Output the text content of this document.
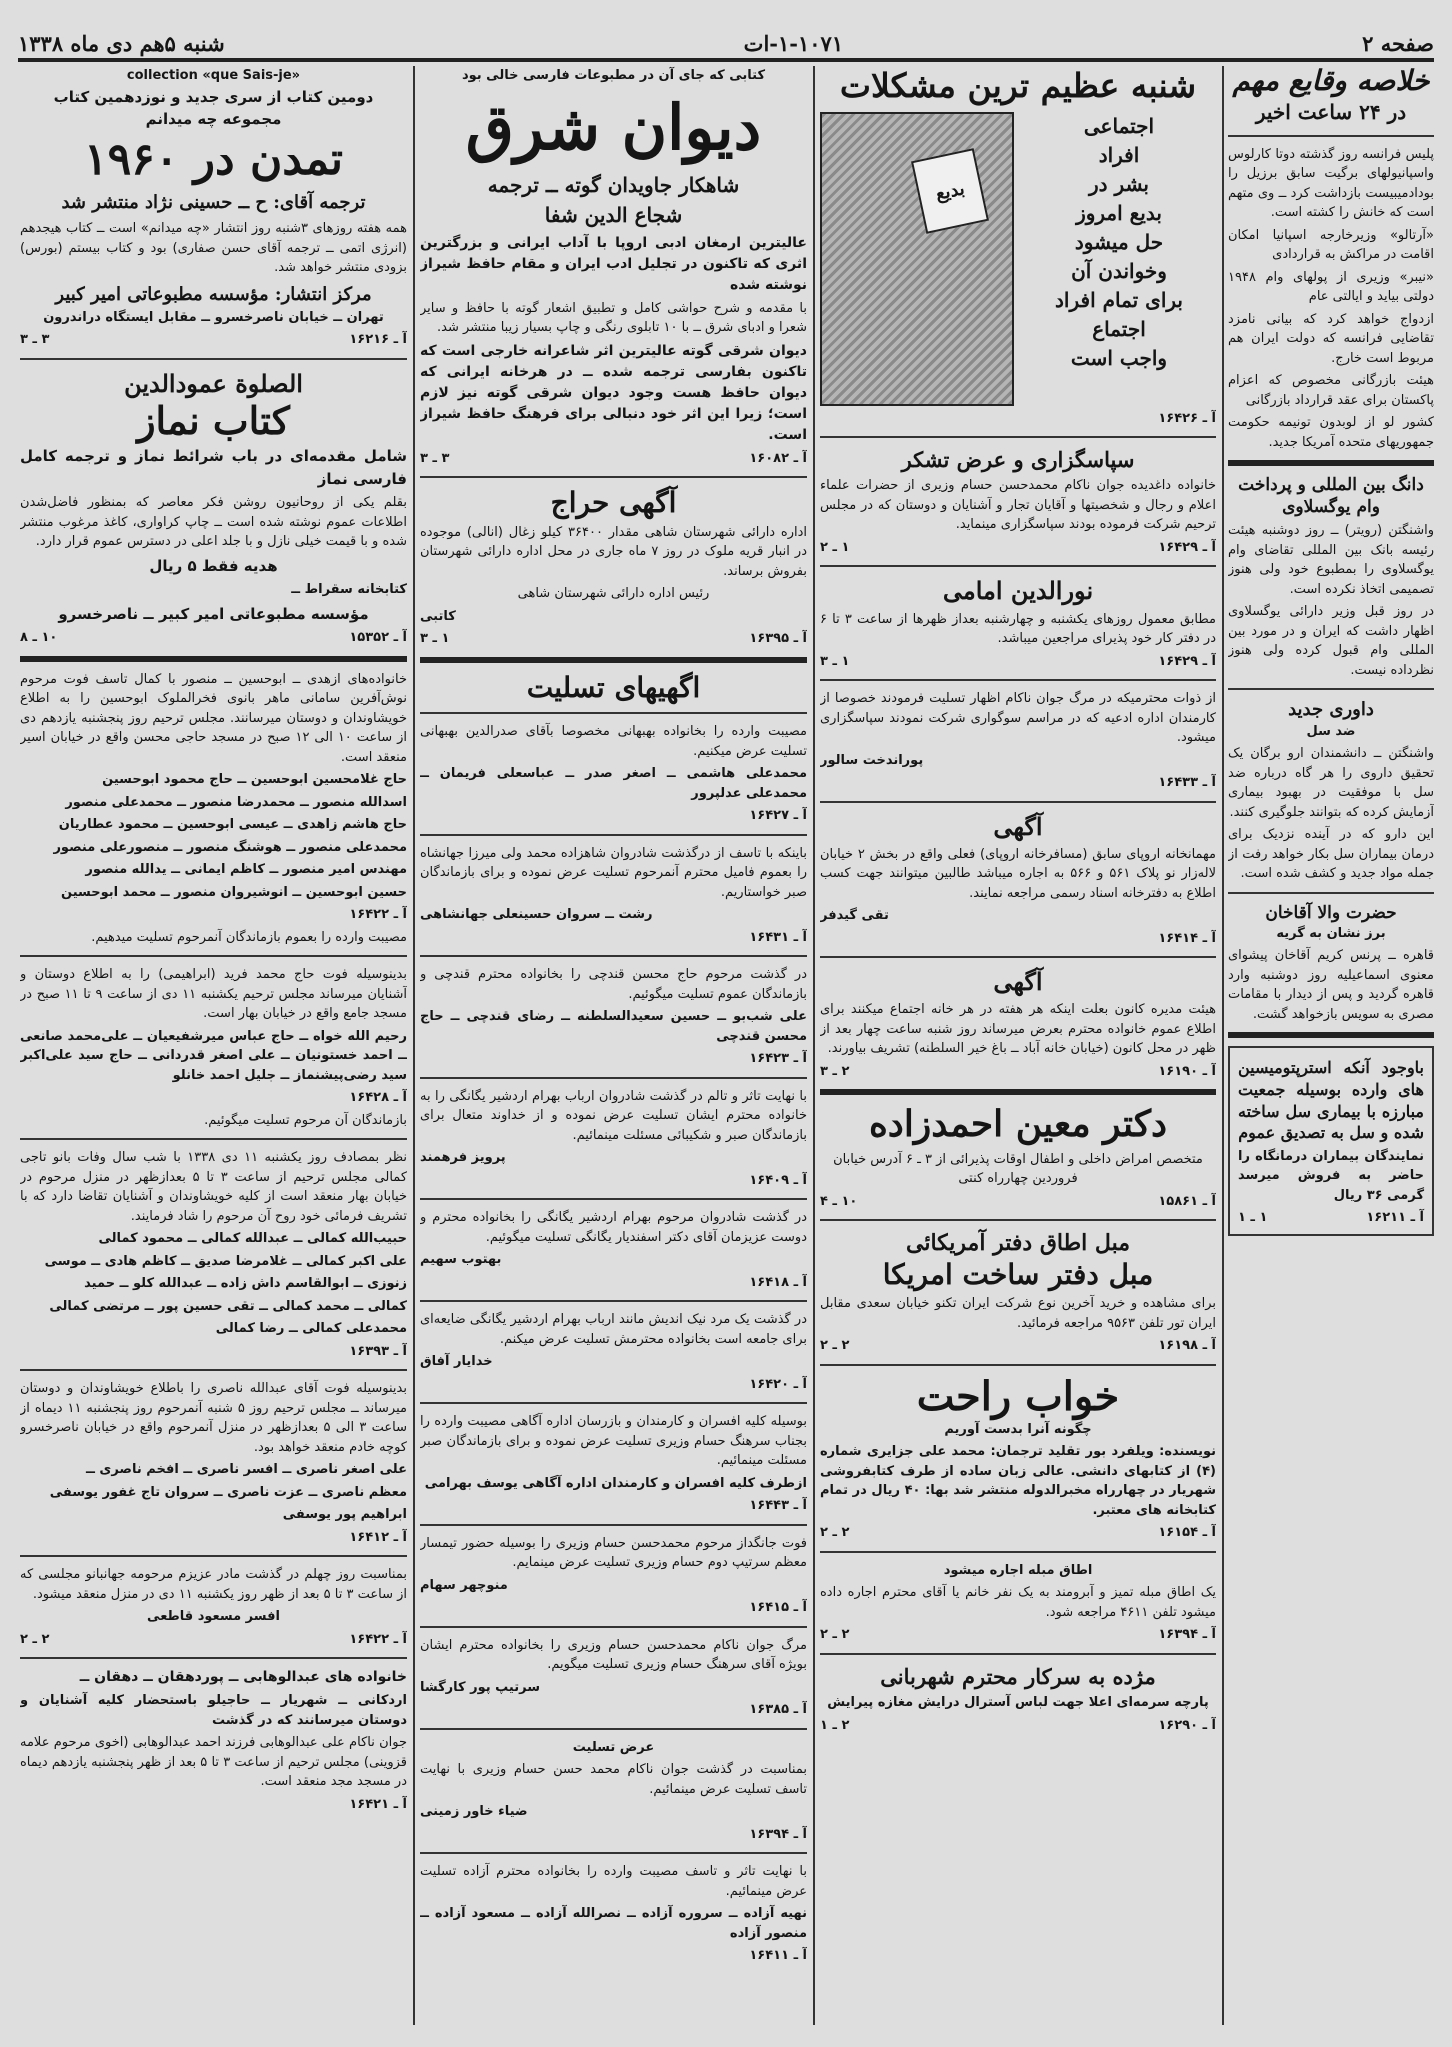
صفحه ۲
۱-۱۰۷۱-ات
شنبه ۵هم دی ماه ۱۳۳۸
خلاصه وقایع مهم
در ۲۴ ساعت اخیر

پلیس فرانسه روز گذشته دوتا کارلوس واسپانیولهای برگیت سابق برزیل را بودادمیبیست بازداشت کرد ــ وی متهم است که خانش را کشته است.

«آرتالو» وزیرخارجه اسپانیا امکان اقامت در مراکش به قراردادی

«نیبر» وزیری از پولهای وام ۱۹۴۸ دولتی بیاید و ایالتی عام

ازدواج خواهد کرد که بیانی نامزد تقاضایی فرانسه که دولت ایران هم مربوط است خارج.

هیئت بازرگانی مخصوص که اعزام پاکستان برای عقد قرارداد بازرگانی

کشور لو از لوبدون تونیمه حکومت جمهوریهای متحده آمریکا جدید.

دانگ بین المللی و پرداخت وام یوگسلاوی

واشنگتن (رویتر) ــ روز دوشنبه هیئت رئیسه بانک بین المللی تقاضای وام یوگسلاوی را بمطبوع خود ولی هنوز تصمیمی اتخاذ نکرده است.

در روز قبل وزیر دارائی یوگسلاوی اظهار داشت که ایران و در مورد بین المللی وام قبول کرده ولی هنوز نظرداده نیست.

داوری جدید
ضد سل

واشنگتن ــ دانشمندان ارو برگان یک تحقیق داروی را هر گاه درباره ضد سل با موفقیت در بهبود بیماری آزمایش کرده که بتوانند جلوگیری کنند.

این دارو که در آینده نزدیک برای درمان بیماران سل بکار خواهد رفت از جمله مواد جدید و کشف شده است.

حضرت والا آقاخان
برز نشان به گریه

قاهره ــ پرنس کریم آقاخان پیشوای معنوی اسماعیلیه روز دوشنبه وارد قاهره گردید و پس از دیدار با مقامات مصری به سویس بازخواهد گشت.

باوجود آنکه استرپتومیسین های وارده بوسیله جمعیت مبارزه با بیماری سل ساخته شده و سل به تصدیق عموم

نمایندگان بیماران درمانگاه را حاضر به فروش میرسد گرمی ۳۶ ریال

آ ـ ۱۶۲۱۱
۱ ـ ۱
شنبه عظیم ترین مشکلات
اجتماعی
افراد
بشر در
بدیع امروز
حل میشود
وخواندن آن
برای تمام افراد
اجتماع
واجب است
بدیع
آ ـ ۱۶۴۲۶
سپاسگزاری و عرض تشکر

خانواده داغدیده جوان ناکام محمدحسن حسام وزیری از حضرات علماء اعلام و رجال و شخصیتها و آقایان تجار و آشنایان و دوستان که در مجلس ترحیم شرکت فرموده بودند سپاسگزاری مینماید.

آ ـ ۱۶۴۲۹
۱ ـ ۲
نورالدین امامی

مطابق معمول روزهای یکشنبه و چهارشنبه بعداز ظهرها از ساعت ۳ تا ۶ در دفتر کار خود پذیرای مراجعین میباشد.

آ ـ ۱۶۴۲۹
۱ ـ ۳

از ذوات محترمیکه در مرگ جوان ناکام اظهار تسلیت فرمودند خصوصا از کارمندان اداره ادعیه که در مراسم سوگواری شرکت نمودند سپاسگزاری میشود.

پوراندخت سالور

آ ـ ۱۶۴۳۳
آگهی

مهمانخانه اروپای سابق (مسافرخانه اروپای) فعلی واقع در بخش ۲ خیابان لاله‌زار نو پلاک ۵۶۱ و ۵۶۶ به اجاره میباشد طالبین میتوانند جهت کسب اطلاع به دفترخانه اسناد رسمی مراجعه نمایند.

تقی گیدفر

آ ـ ۱۶۴۱۴
آگهی

هیئت مدیره کانون بعلت اینکه هر هفته در هر خانه اجتماع میکنند برای اطلاع عموم خانواده محترم بعرض میرساند روز شنبه ساعت چهار بعد از ظهر در محل کانون (خیابان خانه آباد ــ باغ خیر السلطنه) تشریف بیاورند.

آ ـ ۱۶۱۹۰
۲ ـ ۳
دکتر معین احمدزاده

متخصص امراض داخلی و اطفال اوقات پذیرائی از ۳ ـ ۶ آدرس خیابان فروردین چهارراه کنتی

آ ـ ۱۵۸۶۱
۱۰ ـ ۴
مبل اطاق دفتر آمریکائی
مبل دفتر ساخت امریکا

برای مشاهده و خرید آخرین نوع شرکت ایران تکنو خیابان سعدی مقابل ایران تور تلفن ۹۵۶۳ مراجعه فرمائید.

آ ـ ۱۶۱۹۸
۲ ـ ۲
خواب راحت
چگونه آنرا بدست آوریم

نویسنده: ویلفرد بور تقلید ترجمان: محمد علی جزایری شماره (۴) از کتابهای دانشی. عالی زبان ساده از طرف کتابفروشی شهریار در چهارراه مخبرالدوله منتشر شد بها: ۴۰ ریال در تمام کتابخانه های معتبر.

آ ـ ۱۶۱۵۴
۲ ـ ۲
اطاق مبله اجاره میشود

یک اطاق مبله تمیز و آبرومند به یک نفر خانم یا آقای محترم اجاره داده میشود تلفن ۴۶۱۱ مراجعه شود.

آ ـ ۱۶۳۹۴
۲ ـ ۲
مژده به سرکار محترم شهربانی

پارچه سرمه‌ای اعلا جهت لباس آسترال درایش مغازه پیرایش

آ ـ ۱۶۲۹۰
۲ ـ ۱
کتابی که جای آن در مطبوعات فارسی خالی بود
دیوان شرق
شاهکار جاویدان گوته ــ ترجمه
شجاع الدین شفا

عالیترین ارمغان ادبی اروپا با آداب ایرانی و بزرگترین اثری که تاکنون در تجلیل ادب ایران و مقام حافظ شیراز نوشته شده

با مقدمه و شرح حواشی کامل و تطبیق اشعار گوته با حافظ و سایر شعرا و ادبای شرق ــ با ۱۰ تابلوی رنگی و چاپ بسیار زیبا منتشر شد.

دیوان شرقی گوته عالیترین اثر شاعرانه خارجی است که تاکنون بفارسی ترجمه شده ــ در هرخانه ایرانی که دیوان حافظ هست وجود دیوان شرقی گوته نیز لازم است؛ زیرا این اثر خود دنبالی برای فرهنگ حافظ شیراز است.

آ ـ ۱۶۰۸۲
۳ ـ ۳
آگهی حراج

اداره دارائی شهرستان شاهی مقدار ۳۶۴۰۰ کیلو زغال (انالی) موجوده در انبار قریه ملوک در روز ۷ ماه جاری در محل اداره دارائی شهرستان بفروش برساند.

رئیس اداره دارائی شهرستان شاهی

کاتبی

آ ـ ۱۶۳۹۵
۱ ـ ۳
اگهیهای تسلیت

مصیبت وارده را بخانواده بهبهانی مخصوصا بآقای صدرالدین بهبهانی تسلیت عرض میکنیم.

محمدعلی هاشمی ــ اصغر صدر ــ عباسعلی فریمان ــ محمدعلی عدلپرور

آ ـ ۱۶۴۲۷

باینکه با تاسف از درگذشت شادروان شاهزاده محمد ولی میرزا جهانشاه را بعموم فامیل محترم آنمرحوم تسلیت عرض نموده و برای بازماندگان صبر خواستاریم.

رشت ــ سروان حسینعلی جهانشاهی

آ ـ ۱۶۴۳۱

در گذشت مرحوم حاج محسن قندچی را بخانواده محترم قندچی و بازماندگان عموم تسلیت میگوئیم.

علی شب‌بو ــ حسین سعیدالسلطنه ــ رضای قندچی ــ حاج محسن قندچی

آ ـ ۱۶۴۲۳

با نهایت تاثر و تالم در گذشت شادروان ارباب بهرام اردشیر یگانگی را به خانواده محترم ایشان تسلیت عرض نموده و از خداوند متعال برای بازماندگان صبر و شکیبائی مسئلت مینمائیم.

پرویز فرهمند

آ ـ ۱۶۴۰۹

در گذشت شادروان مرحوم بهرام اردشیر یگانگی را بخانواده محترم و دوست عزیزمان آقای دکتر اسفندیار یگانگی تسلیت میگوئیم.

بهتوب سهیم

آ ـ ۱۶۴۱۸

در گذشت یک مرد نیک اندیش مانند ارباب بهرام اردشیر یگانگی ضایعه‌ای برای جامعه است بخانواده محترمش تسلیت عرض میکنم.

خدایار آفاق

آ ـ ۱۶۴۲۰

بوسیله کلیه افسران و کارمندان و بازرسان اداره آگاهی مصیبت وارده را بجناب سرهنگ حسام وزیری تسلیت عرض نموده و برای بازماندگان صبر مسئلت مینمائیم.

ازطرف کلیه افسران و کارمندان اداره آگاهی یوسف بهرامی

آ ـ ۱۶۴۴۳

فوت جانگداز مرحوم محمدحسن حسام وزیری را بوسیله حضور تیمسار معظم سرتیپ دوم حسام وزیری تسلیت عرض مینمایم.

منوچهر سهام

آ ـ ۱۶۴۱۵

مرگ جوان ناکام محمدحسن حسام وزیری را بخانواده محترم ایشان بویژه آقای سرهنگ حسام وزیری تسلیت میگویم.

سرتیپ پور کارگشا

آ ـ ۱۶۳۸۵
عرض تسلیت

بمناسبت در گذشت جوان ناکام محمد حسن حسام وزیری با نهایت تاسف تسلیت عرض مینمائیم.

ضیاء خاور زمینی

آ ـ ۱۶۳۹۴

با نهایت تاثر و تاسف مصیبت وارده را بخانواده محترم آزاده تسلیت عرض مینمائیم.

نهیه آزاده ــ سروره آزاده ــ نصرالله آزاده ــ مسعود آزاده ــ منصور آزاده

آ ـ ۱۶۴۱۱
collection «que Sais-je»
دومین کتاب از سری جدید و نوزدهمین کتاب
مجموعه چه میدانم
تمدن در ۱۹۶۰
ترجمه آقای: ح ــ حسینی نژاد منتشر شد

همه هفته روزهای ۳شنبه روز انتشار «چه میدانم» است ــ کتاب هیجدهم (انرژی اتمی ــ ترجمه آقای حسن صفاری) بود و کتاب بیستم (بورس) بزودی منتشر خواهد شد.

مرکز انتشار: مؤسسه مطبوعاتی امیر کبیر
تهران ــ خیابان ناصرخسرو ــ مقابل ایستگاه دراندرون
آ ـ ۱۶۲۱۶
۳ ـ ۳
الصلوة عمودالدین
کتاب نماز

شامل مقدمه‌ای در باب شرائط نماز و ترجمه کامل فارسی نماز

بقلم یکی از روحانیون روشن فکر معاصر که بمنظور فاضل‌شدن اطلاعات عموم نوشته شده است ــ چاپ کراواری، کاغذ مرغوب منتشر شده و با قیمت خیلی نازل و با جلد اعلی در دسترس عموم قرار دارد.

هدیه فقط ۵ ریال

کتابخانه سقراط ــ

مؤسسه مطبوعاتی امیر کبیر ــ ناصرخسرو

آ ـ ۱۵۳۵۲
۱۰ ـ ۸

خانواده‌های ازهدی ــ ابوحسین ــ منصور با کمال تاسف فوت مرحوم نوش‌آفرین سامانی ماهر بانوی فخرالملوک ابوحسین را به اطلاع خویشاوندان و دوستان میرسانند. مجلس ترحیم روز پنجشنبه یازدهم دی از ساعت ۱۰ الی ۱۲ صبح در مسجد حاجی محسن واقع در خیابان اسیر منعقد است.

حاج غلامحسین ابوحسین ــ حاج محمود ابوحسین

اسدالله منصور ــ محمدرضا منصور ــ محمدعلی منصور

حاج هاشم زاهدی ــ عیسی ابوحسین ــ محمود عطاریان

محمدعلی منصور ــ هوشنگ منصور ــ منصورعلی منصور

مهندس امیر منصور ــ کاظم ایمانی ــ یدالله منصور

حسین ابوحسین ــ انوشیروان منصور ــ محمد ابوحسین

آ ـ ۱۶۴۲۲

مصیبت وارده را بعموم بازماندگان آنمرحوم تسلیت میدهیم.

بدینوسیله فوت حاج محمد فرید (ابراهیمی) را به اطلاع دوستان و آشنایان میرساند مجلس ترحیم یکشنبه ۱۱ دی از ساعت ۹ تا ۱۱ صبح در مسجد جامع واقع در خیابان بهار است.

رحیم الله خواه ــ حاج عباس میرشفیعیان ــ علی‌محمد‌ صانعی ــ احمد‌ خستونیان ــ علی اصغر قدردانی ــ حاج سید علی‌اکبر سید رضی‌پیشنماز ــ جلیل احمد خانلو

آ ـ ۱۶۴۲۸

بازماندگان آن مرحوم تسلیت میگوئیم.

نظر بمصادف روز یکشنبه ۱۱ دی ۱۳۳۸ با شب سال وفات بانو تاجی کمالی مجلس ترحیم از ساعت ۳ تا ۵ بعدازظهر در منزل مرحوم در خیابان بهار منعقد است از کلیه خویشاوندان و آشنایان تقاضا دارد که با تشریف فرمائی خود روح آن مرحوم را شاد فرمایند.

حبیب‌الله کمالی ــ عبدالله کمالی ــ محمود کمالی

علی اکبر کمالی ــ غلامرضا صدیق ــ کاظم هادی ــ موسی

زنوزی ــ ابوالقاسم داش زاده ــ عبدالله کلو ــ حمید

کمالی ــ محمد کمالی ــ تقی حسین پور ــ مرتضی کمالی

محمدعلی کمالی ــ رضا کمالی

آ ـ ۱۶۳۹۳

بدینوسیله فوت آقای عبدالله ناصری را باطلاع خویشاوندان و دوستان میرساند ــ مجلس ترحیم روز ۵ شنبه آنمرحوم روز پنجشنبه ۱۱ دیماه از ساعت ۳ الی ۵ بعدازظهر در منزل آنمرحوم واقع در خیابان ناصرخسرو کوچه خادم منعقد خواهد بود.

علی اصغر ناصری ــ افسر ناصری ــ افخم ناصری ــ

معظم ناصری ــ عزت ناصری ــ سروان تاج غفور یوسفی

ابراهیم پور یوسفی

آ ـ ۱۶۴۱۲

بمناسبت روز چهلم در گذشت مادر عزیزم مرحومه جهانبانو مجلسی که از ساعت ۳ تا ۵ بعد از ظهر روز یکشنبه ۱۱ دی در منزل منعقد میشود.

افسر مسعود قاطعی

آ ـ ۱۶۴۲۲
۲ ـ ۲

خانواده های عبدالوهابی ــ پوردهقان ــ دهقان ــ

اردکانی ــ شهریار ــ حاجیلو باستحضار کلیه آشنایان و دوستان میرسانند که در گذشت

جوان ناکام علی عبدالوهابی فرزند احمد عبدالوهابی (اخوی مرحوم علامه قزوینی) مجلس ترحیم از ساعت ۳ تا ۵ بعد از ظهر پنجشنبه یازدهم دیماه در مسجد مجد منعقد است.

آ ـ ۱۶۴۲۱
